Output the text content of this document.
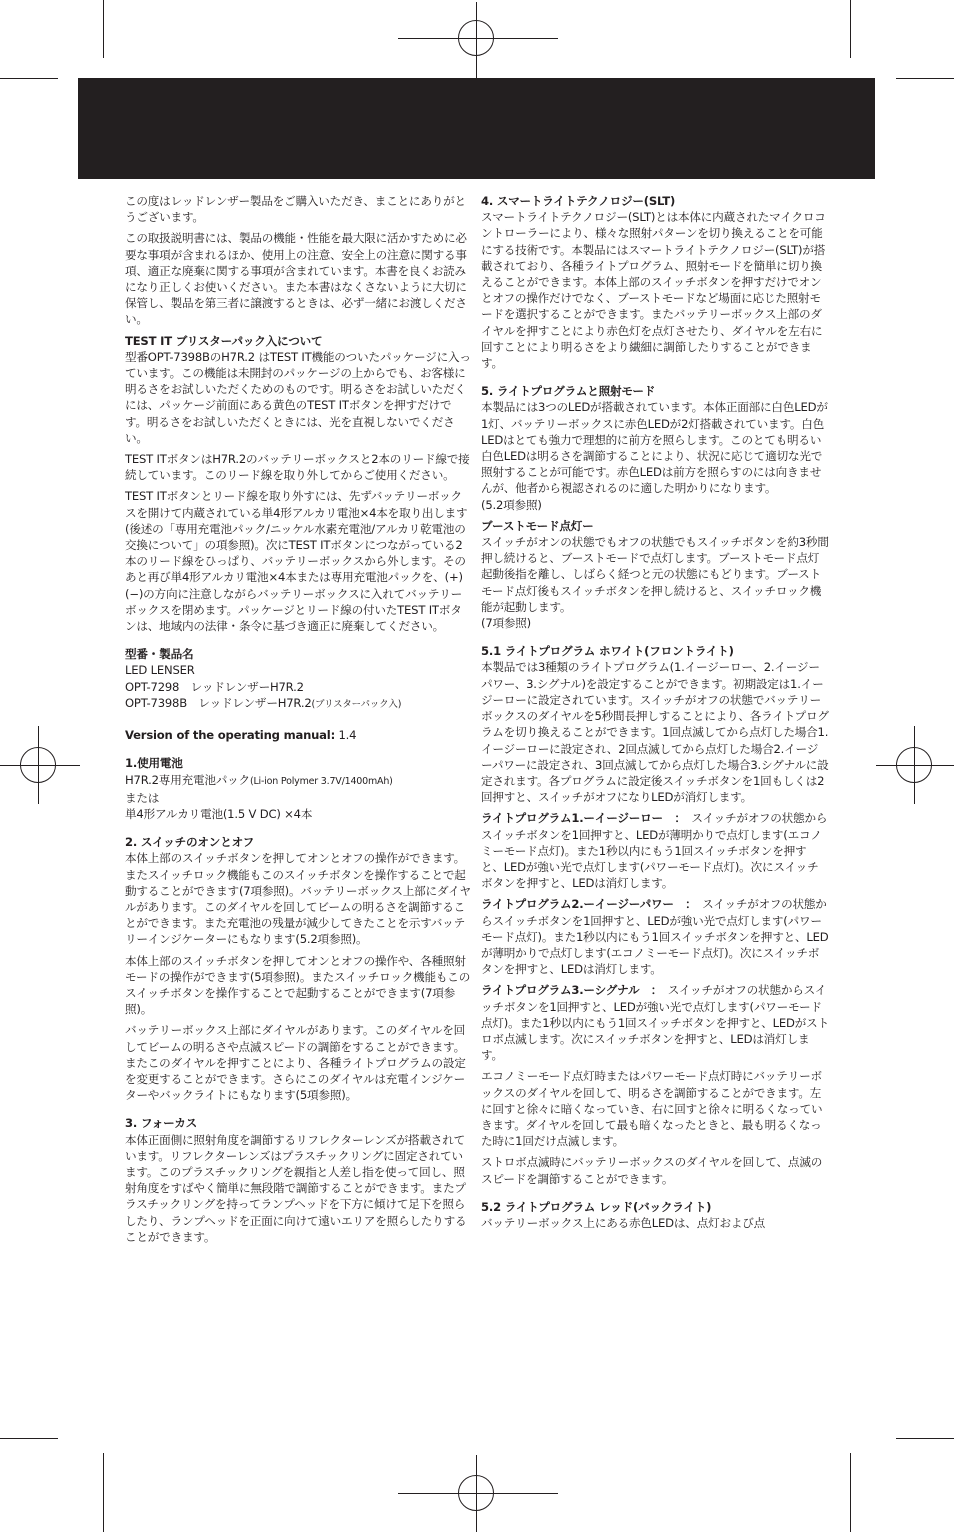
この度はレッドレンザー製品をご購入いただき、まことにありがとうございます。

この取扱説明書には、製品の機能・性能を最大限に活かすために必要な事項が含まれるほか、使用上の注意、安全上の注意に関する事項、適正な廃棄に関する事項が含まれています。本書を良くお読みになり正しくお使いください。また本書はなくさないように大切に保管し、製品を第三者に譲渡するときは、必ず一緒にお渡しください。

TEST IT ブリスターパック入について

型番OPT-7398BのH7R.2 はTEST IT機能のついたパッケージに入っています。この機能は未開封のパッケージの上からでも、お客様に明るさをお試しいただくためのものです。明るさをお試しいただくには、パッケージ前面にある黄色のTEST ITボタンを押すだけです。明るさをお試しいただくときには、光を直視しないでください。

TEST ITボタンはH7R.2のバッテリーボックスと2本のリード線で接続しています。このリード線を取り外してからご使用ください。

TEST ITボタンとリード線を取り外すには、先ずバッテリーボックスを開けて内蔵されている単4形アルカリ電池×4本を取り出します(後述の「専用充電池パック/ニッケル水素充電池/アルカリ乾電池の交換について」の項参照)。次にTEST ITボタンにつながっている2本のリード線をひっぱり、バッテリーボックスから外します。そのあと再び単4形アルカリ電池×4本または専用充電池パックを、(+)(−)の方向に注意しながらバッテリーボックスに入れてバッテリーボックスを閉めます。パッケージとリード線の付いたTEST ITボタンは、地域内の法律・条令に基づき適正に廃棄してください。

型番・製品名
LED LENSER
OPT-7298　レッドレンザーH7R.2
OPT-7398B　レッドレンザーH7R.2(ブリスターパック入)
Version of the operating manual: 1.4
1.使用電池
H7R.2専用充電池パック(Li-ion Polymer 3.7V/1400mAh)
または
単4形アルカリ電池(1.5 V DC) ×4本
2. スイッチのオンとオフ

本体上部のスイッチボタンを押してオンとオフの操作ができます。またスイッチロック機能もこのスイッチボタンを操作することで起動することができます(7項参照)。バッテリーボックス上部にダイヤルがあります。このダイヤルを回してビームの明るさを調節することができます。また充電池の残量が減少してきたことを示すバッテリーインジケーターにもなります(5.2項参照)。

本体上部のスイッチボタンを押してオンとオフの操作や、各種照射モードの操作ができます(5項参照)。またスイッチロック機能もこのスイッチボタンを操作することで起動することができます(7項参照)。

バッテリーボックス上部にダイヤルがあります。このダイヤルを回してビームの明るさや点滅スピードの調節をすることができます。またこのダイヤルを押すことにより、各種ライトプログラムの設定を変更することができます。さらにこのダイヤルは充電インジケーターやバックライトにもなります(5項参照)。

3. フォーカス

本体正面側に照射角度を調節するリフレクターレンズが搭載されています。リフレクターレンズはプラスチックリングに固定されています。このプラスチックリングを親指と人差し指を使って回し、照射角度をすばやく簡単に無段階で調節することができます。またプラスチックリングを持ってランプヘッドを下方に傾けて足下を照らしたり、ランプヘッドを正面に向けて遠いエリアを照らしたりすることができます。

4. スマートライトテクノロジー(SLT)

スマートライトテクノロジー(SLT)とは本体に内蔵されたマイクロコントローラーにより、様々な照射パターンを切り換えることを可能にする技術です。本製品にはスマートライトテクノロジー(SLT)が搭載されており、各種ライトプログラム、照射モードを簡単に切り換えることができます。本体上部のスイッチボタンを押すだけでオンとオフの操作だけでなく、ブーストモードなど場面に応じた照射モードを選択することができます。またバッテリーボックス上部のダイヤルを押すことにより赤色灯を点灯させたり、ダイヤルを左右に回すことにより明るさをより繊細に調節したりすることができます。

5. ライトプログラムと照射モード

本製品には3つのLEDが搭載されています。本体正面部に白色LEDが1灯、バッテリーボックスに赤色LEDが2灯搭載されています。白色LEDはとても強力で理想的に前方を照らします。このとても明るい白色LEDは明るさを調節することにより、状況に応じて適切な光で照射することが可能です。赤色LEDは前方を照らすのには向きませんが、他者から視認されるのに適した明かりになります。
(5.2項参照)

ブーストモード点灯ー

スイッチがオンの状態でもオフの状態でもスイッチボタンを約3秒間押し続けると、ブーストモードで点灯します。ブーストモード点灯起動後指を離し、しばらく経つと元の状態にもどります。ブーストモード点灯後もスイッチボタンを押し続けると、スイッチロック機能が起動します。
(7項参照)

5.1 ライトプログラム ホワイト(フロントライト)

本製品では3種類のライトプログラム(1.イージーロー、2.イージーパワー、3.シグナル)を設定することができます。初期設定は1.イージーローに設定されています。スイッチがオフの状態でバッテリーボックスのダイヤルを5秒間長押しすることにより、各ライトプログラムを切り換えることができます。1回点滅してから点灯した場合1.イージーローに設定され、2回点滅してから点灯した場合2.イージーパワーに設定され、3回点滅してから点灯した場合3.シグナルに設定されます。各プログラムに設定後スイッチボタンを1回もしくは2回押すと、スイッチがオフになりLEDが消灯します。

ライトプログラム1.ーイージーロー　：　スイッチがオフの状態からスイッチボタンを1回押すと、LEDが薄明かりで点灯します(エコノミーモード点灯)。また1秒以内にもう1回スイッチボタンを押すと、LEDが強い光で点灯します(パワーモード点灯)。次にスイッチボタンを押すと、LEDは消灯します。

ライトプログラム2.ーイージーパワー　：　スイッチがオフの状態からスイッチボタンを1回押すと、LEDが強い光で点灯します(パワーモード点灯)。また1秒以内にもう1回スイッチボタンを押すと、LEDが薄明かりで点灯します(エコノミーモード点灯)。次にスイッチボタンを押すと、LEDは消灯します。

ライトプログラム3.ーシグナル　：　スイッチがオフの状態からスイッチボタンを1回押すと、LEDが強い光で点灯します(パワーモード点灯)。また1秒以内にもう1回スイッチボタンを押すと、LEDがストロボ点滅します。次にスイッチボタンを押すと、LEDは消灯します。

エコノミーモード点灯時またはパワーモード点灯時にバッテリーボックスのダイヤルを回して、明るさを調節することができます。左に回すと徐々に暗くなっていき、右に回すと徐々に明るくなっていきます。ダイヤルを回して最も暗くなったときと、最も明るくなった時に1回だけ点滅します。

ストロボ点滅時にバッテリーボックスのダイヤルを回して、点滅のスピードを調節することができます。

5.2 ライトプログラム レッド(バックライト)

バッテリーボックス上にある赤色LEDは、点灯および点
